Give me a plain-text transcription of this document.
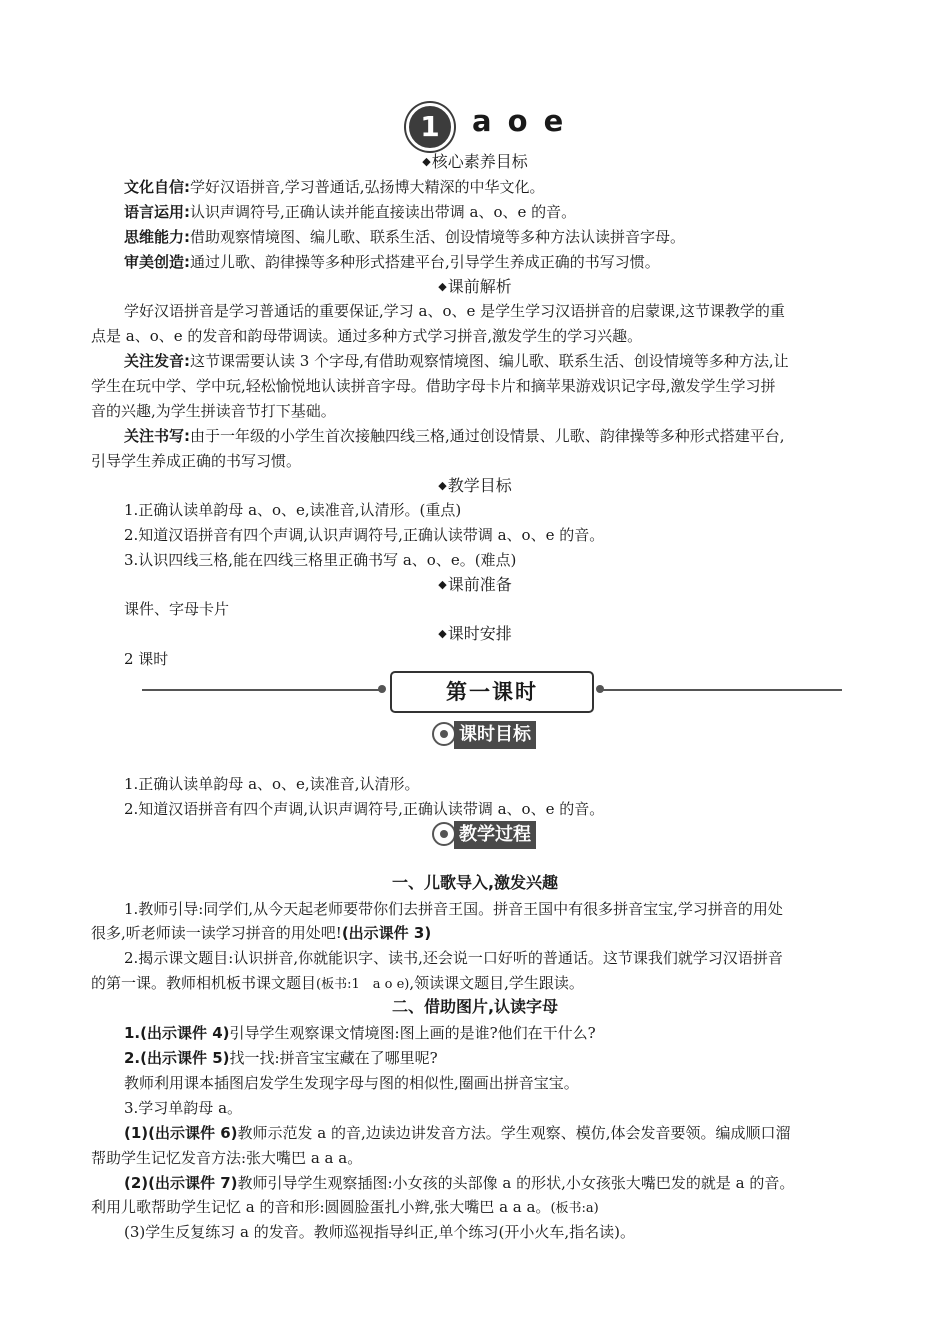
1	a o e
◆核心素养目标
文化自信:学好汉语拼音,学习普通话,弘扬博大精深的中华文化。
语言运用:认识声调符号,正确认读并能直接读出带调 a、o、e 的音。
思维能力:借助观察情境图、编儿歌、联系生活、创设情境等多种方法认读拼音字母。
审美创造:通过儿歌、韵律操等多种形式搭建平台,引导学生养成正确的书写习惯。
◆课前解析
学好汉语拼音是学习普通话的重要保证,学习 a、o、e 是学生学习汉语拼音的启蒙课,这节课教学的重
点是 a、o、e 的发音和韵母带调读。通过多种方式学习拼音,激发学生的学习兴趣。
关注发音:这节课需要认读 3 个字母,有借助观察情境图、编儿歌、联系生活、创设情境等多种方法,让
学生在玩中学、学中玩,轻松愉悦地认读拼音字母。借助字母卡片和摘苹果游戏识记字母,激发学生学习拼
音的兴趣,为学生拼读音节打下基础。
关注书写:由于一年级的小学生首次接触四线三格,通过创设情景、儿歌、韵律操等多种形式搭建平台,
引导学生养成正确的书写习惯。
◆教学目标
1.正确认读单韵母 a、o、e,读准音,认清形。(重点)
2.知道汉语拼音有四个声调,认识声调符号,正确认读带调 a、o、e 的音。
3.认识四线三格,能在四线三格里正确书写 a、o、e。(难点)
◆课前准备
课件、字母卡片
◆课时安排
2 课时
第一课时
课时目标
1.正确认读单韵母 a、o、e,读准音,认清形。
2.知道汉语拼音有四个声调,认识声调符号,正确认读带调 a、o、e 的音。
教学过程
一、儿歌导入,激发兴趣
1.教师引导:同学们,从今天起老师要带你们去拼音王国。拼音王国中有很多拼音宝宝,学习拼音的用处
很多,听老师读一读学习拼音的用处吧!(出示课件 3)
2.揭示课文题目:认识拼音,你就能识字、读书,还会说一口好听的普通话。这节课我们就学习汉语拼音
的第一课。教师相机板书课文题目(板书:1　a o e),领读课文题目,学生跟读。
二、借助图片,认读字母
1.(出示课件 4)引导学生观察课文情境图:图上画的是谁?他们在干什么?
2.(出示课件 5)找一找:拼音宝宝藏在了哪里呢?
教师利用课本插图启发学生发现字母与图的相似性,圈画出拼音宝宝。
3.学习单韵母 a。
(1)(出示课件 6)教师示范发 a 的音,边读边讲发音方法。学生观察、模仿,体会发音要领。编成顺口溜
帮助学生记忆发音方法:张大嘴巴 a a a。
(2)(出示课件 7)教师引导学生观察插图:小女孩的头部像 a 的形状,小女孩张大嘴巴发的就是 a 的音。
利用儿歌帮助学生记忆 a 的音和形:圆圆脸蛋扎小辫,张大嘴巴 a a a。(板书:a)
(3)学生反复练习 a 的发音。教师巡视指导纠正,单个练习(开小火车,指名读)。
